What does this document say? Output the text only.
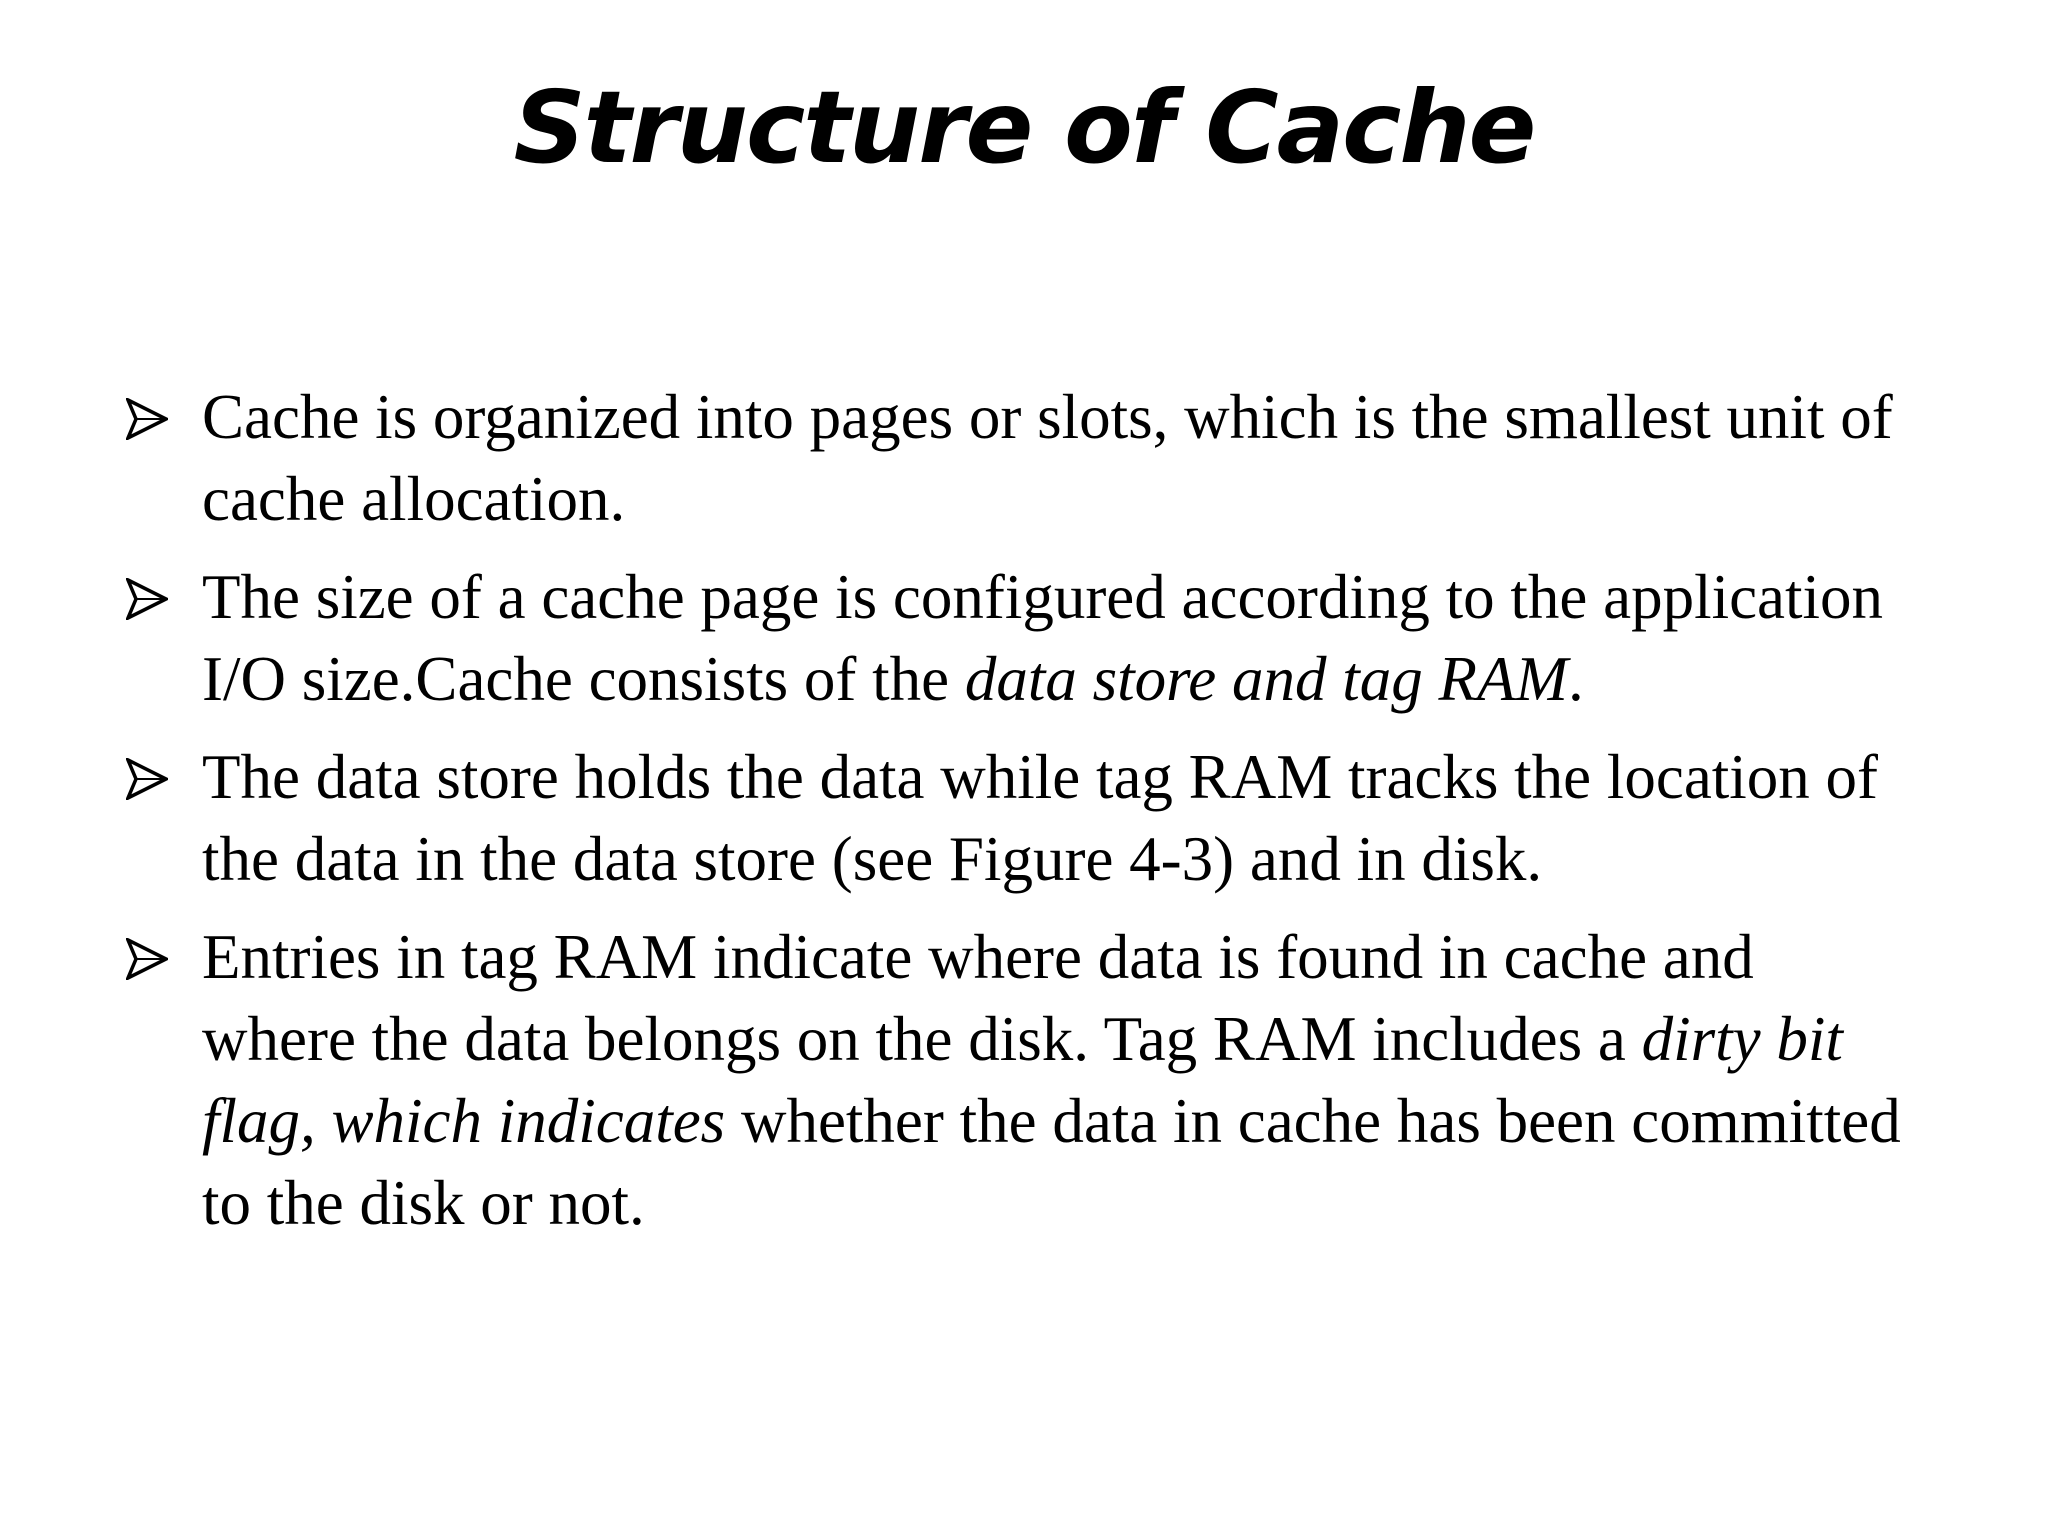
Structure of Cache
Cache is organized into pages or slots, which is the smallest unit of cache allocation.
The size of a cache page is configured according to the application I/O size.Cache consists of the data store and tag RAM.
The data store holds the data while tag RAM tracks the location of the data in the data store (see Figure 4-3) and in disk.
Entries in tag RAM indicate where data is found in cache and where the data belongs on the disk. Tag RAM includes a dirty bit flag, which indicates whether the data in cache has been committed to the disk or not.
